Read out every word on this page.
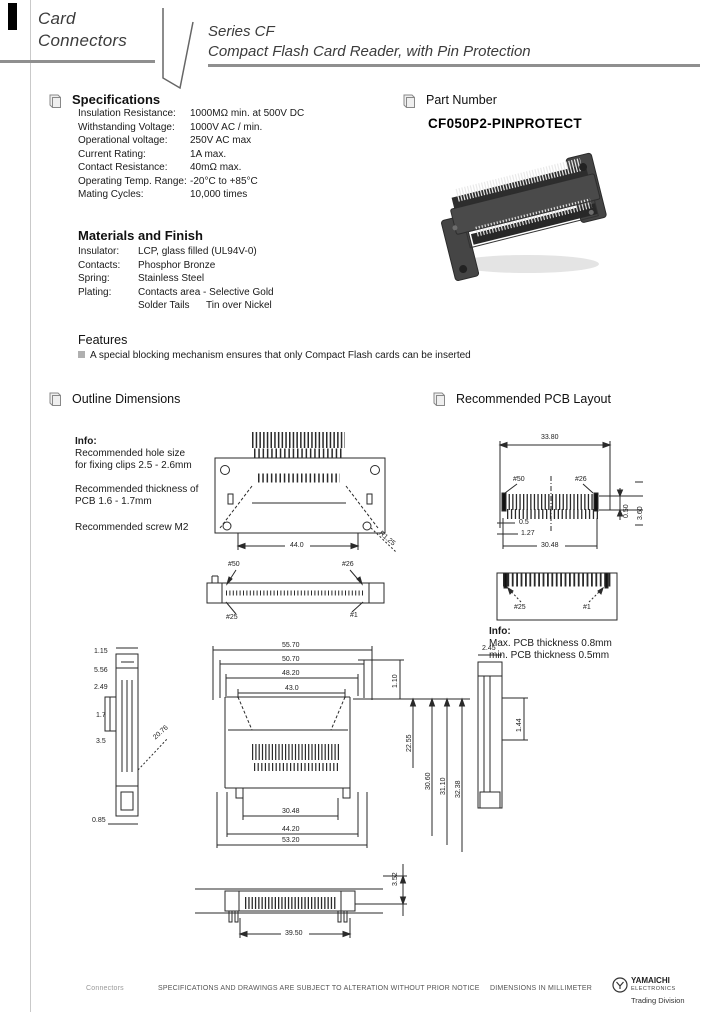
Card
Connectors	Series CF
Compact Flash Card Reader, with Pin Protection
Specifications
Insulation Resistance:	1000MΩ min. at 500V DC
Withstanding Voltage:	1000V AC / min.
Operational voltage:	250V AC max
Current Rating:	1A max.
Contact Resistance:	40mΩ max.
Operating Temp. Range: -20°C to +85°C
Mating Cycles:	10,000 times
Part Number
CF050P2-PINPROTECT
Materials and Finish
Insulator:	LCP, glass filled (UL94V-0)
Contacts:	Phosphor Bronze
Spring:	Stainless Steel
Plating:	Contacts area - Selective Gold
Solder Tails      Tin over Nickel
Features
A special blocking mechanism ensures that only Compact Flash cards can be inserted
Outline Dimensions	Recommended PCB Layout
Info:
Recommended hole size
for fixing clips 2.5 - 2.6mm
Recommended thickness of
PCB 1.6 - 1.7mm
Recommended screw M2
44.0	R1.25
#50	#26
#25	#1
1.15
5.56
2.49
1.7
3.5
0.85
20.76
55.70
50.70
48.20
43.0
30.48
44.20
53.20
1.10
22.55
30.60 31.10 32.38
2.45
1.44
39.50
3.52
33.80
#50	#26
0.5
1.27
30.48
0.50 3.60
#25	#1
Info:
Max. PCB thickness 0.8mm
min. PCB thickness 0.5mm
Connectors	SPECIFICATIONS AND DRAWINGS ARE SUBJECT TO ALTERATION WITHOUT PRIOR NOTICE DIMENSIONS IN MILLIMETER
YAMAICHI
ELECTRONICS
Trading Division
